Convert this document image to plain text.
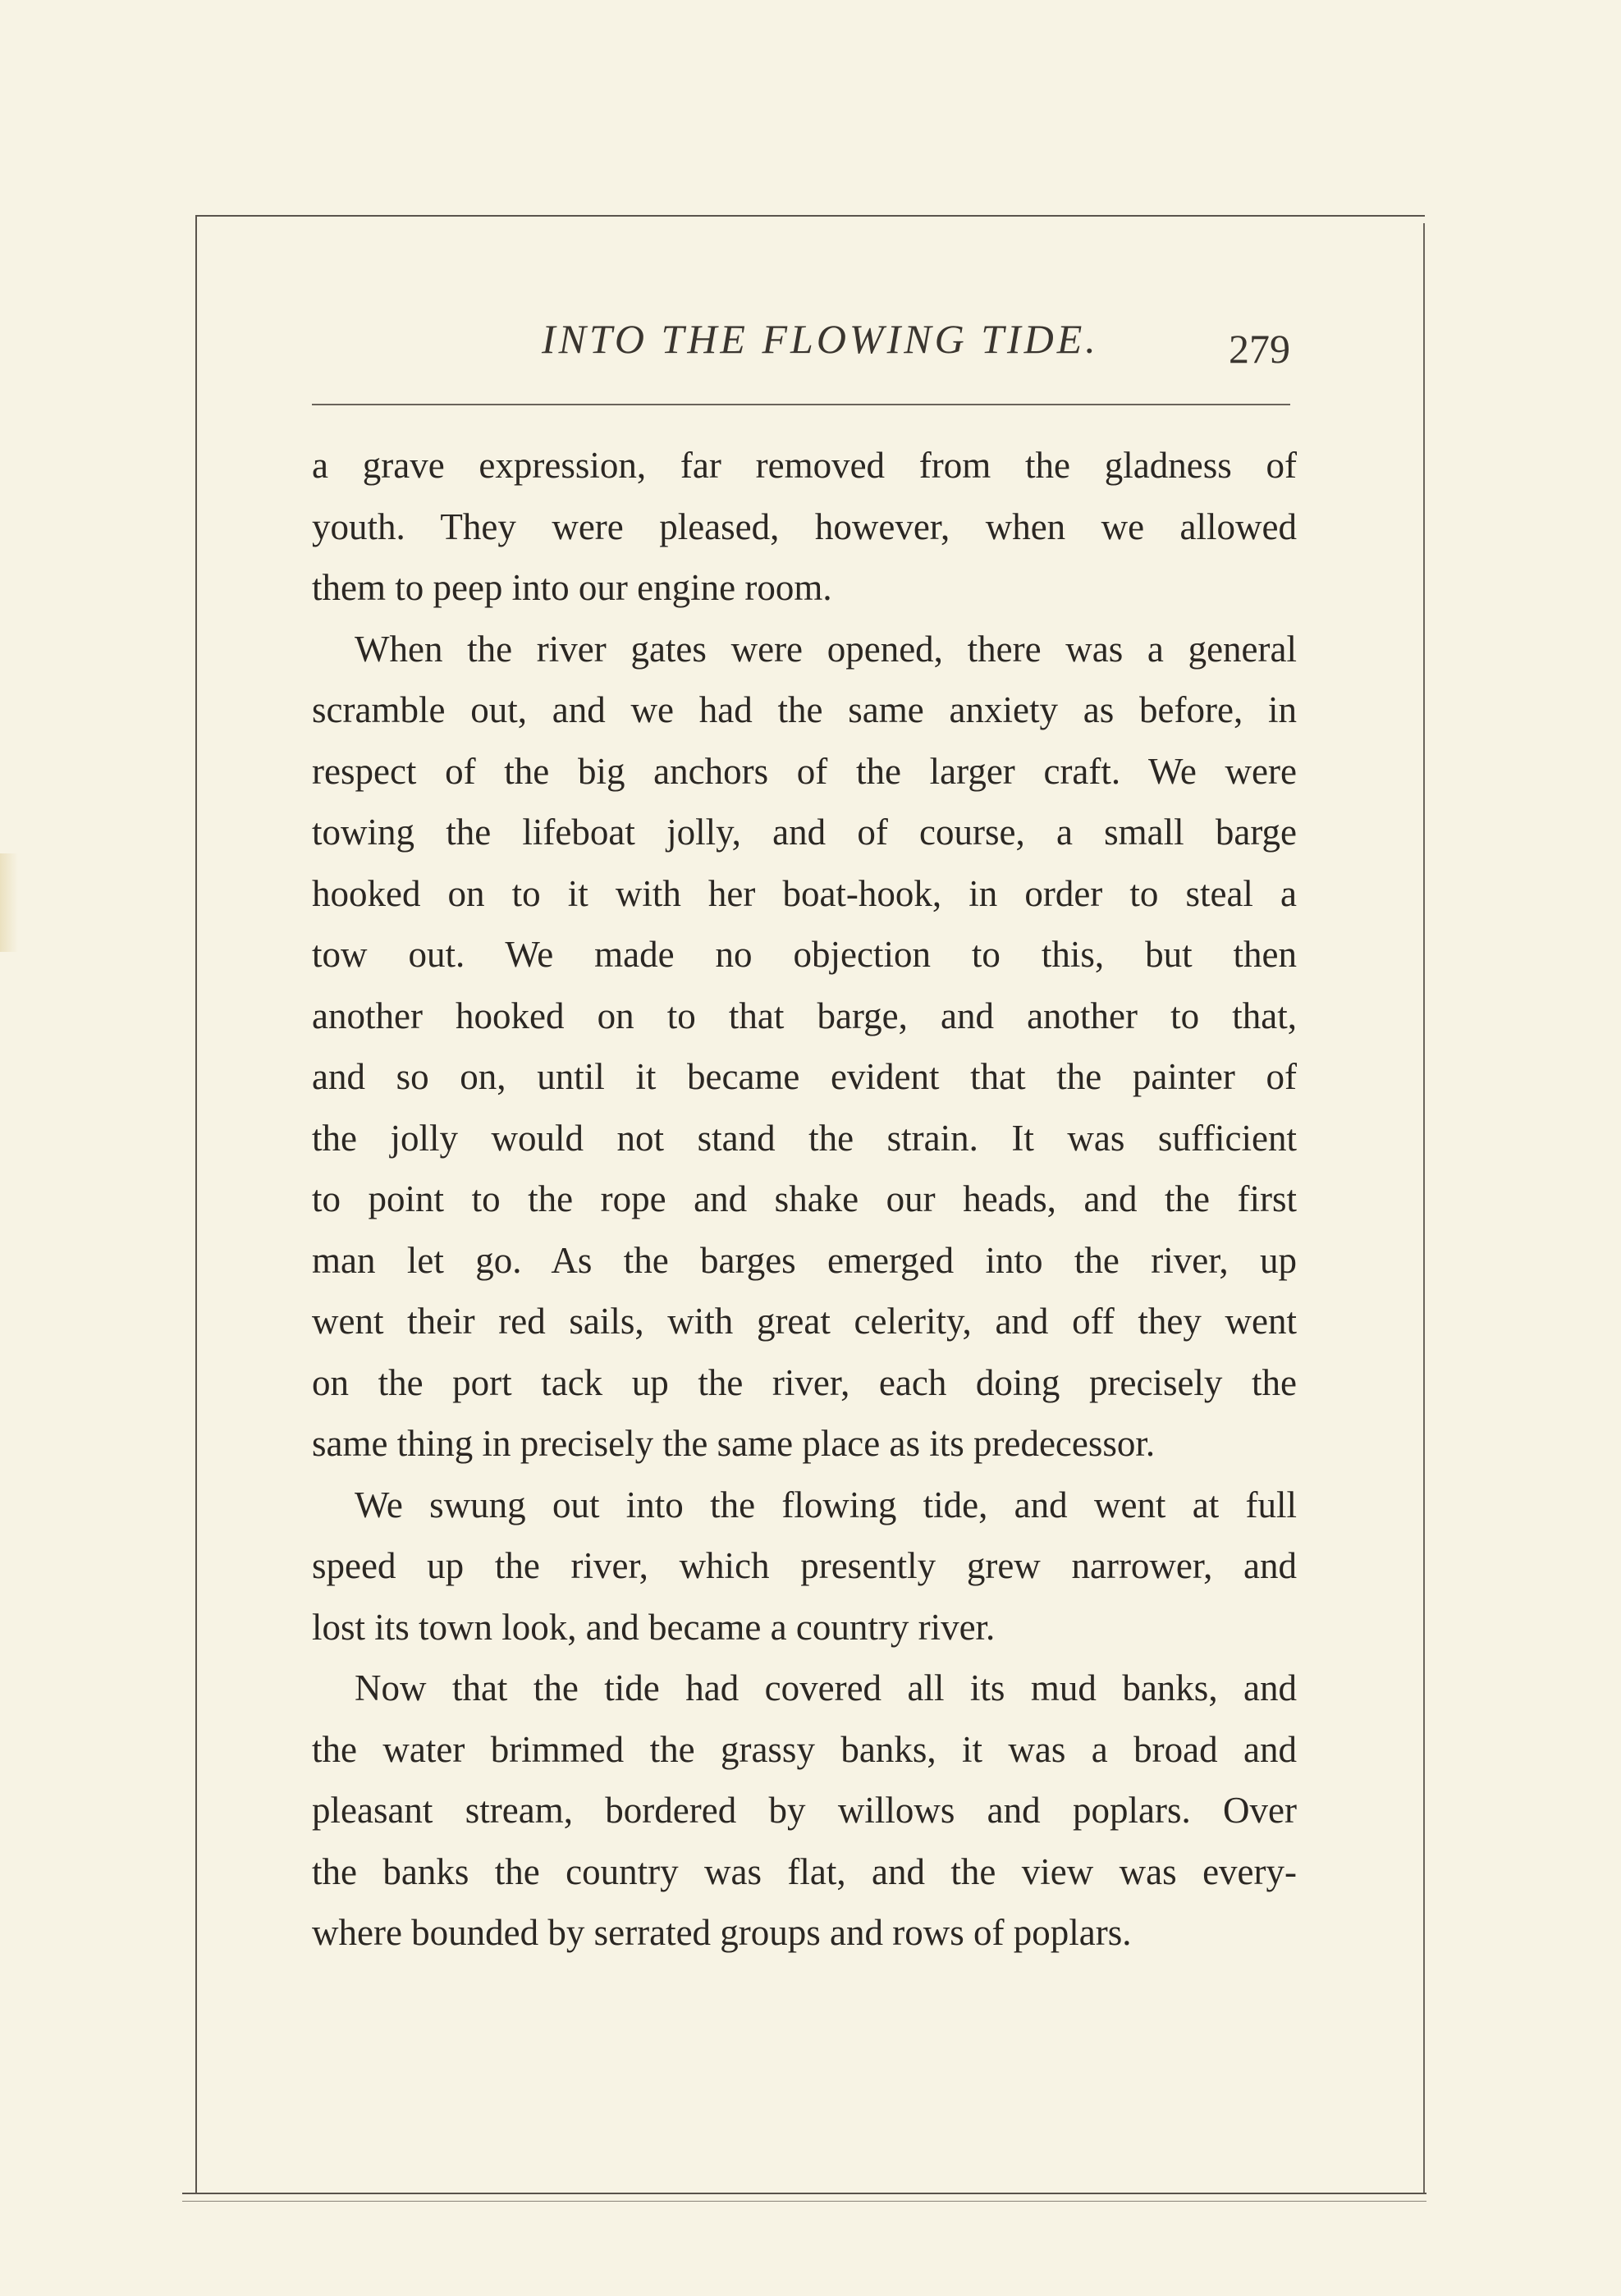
INTO THE FLOWING TIDE.	279
a grave expression, far removed from the gladness of
youth. They were pleased, however, when we allowed
them to peep into our engine room.
When the river gates were opened, there was a general
scramble out, and we had the same anxiety as before, in
respect of the big anchors of the larger craft. We were
towing the lifeboat jolly, and of course, a small barge
hooked on to it with her boat-hook, in order to steal a
tow out. We made no objection to this, but then
another hooked on to that barge, and another to that,
and so on, until it became evident that the painter of
the jolly would not stand the strain. It was sufficient
to point to the rope and shake our heads, and the first
man let go. As the barges emerged into the river, up
went their red sails, with great celerity, and off they went
on the port tack up the river, each doing precisely the
same thing in precisely the same place as its predecessor.
We swung out into the flowing tide, and went at full
speed up the river, which presently grew narrower, and
lost its town look, and became a country river.
Now that the tide had covered all its mud banks, and
the water brimmed the grassy banks, it was a broad and
pleasant stream, bordered by willows and poplars. Over
the banks the country was flat, and the view was every-
where bounded by serrated groups and rows of poplars.
